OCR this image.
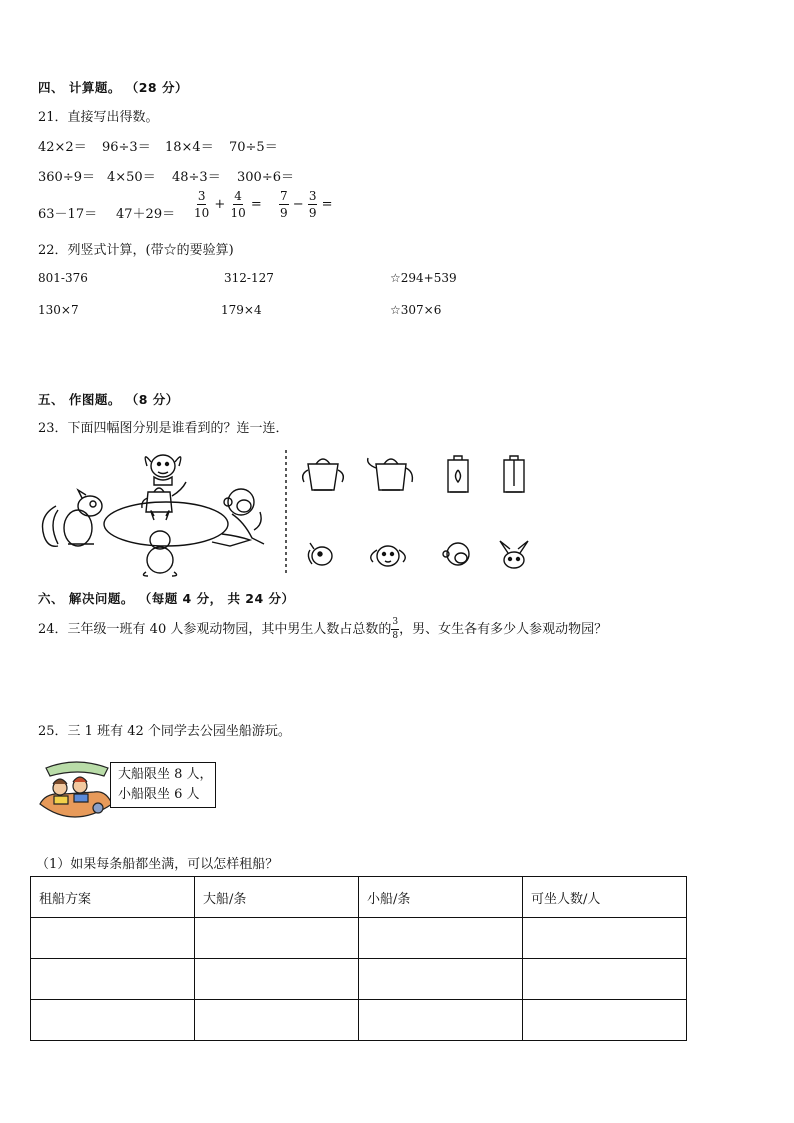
四、 计算题。 （28 分）
21．直接写出得数。
42×2＝ 96÷3＝ 18×4＝ 70÷5＝
360÷9＝ 4×50＝ 48÷3＝ 300÷6＝
$63-17= 47+29= \frac{3}{10} + \frac{4}{10} = \frac{7}{9} - \frac{3}{9}$ =
22．列竖式计算，(带☆的要验算)
801-376	312-127	☆294+539
130×7	179×4	☆307×6
五、 作图题。 （8 分）
23．下面四幅图分别是谁看到的？连一连．
六、 解决问题。 （每题 4 分， 共 24 分）
24．三年级一班有 40 人参观动物园，其中男生人数占总数的 $\frac{3}{8}$ ，男、女生各有多少人参观动物园？
25．三 1 班有 42 个同学去公园坐船游玩。
大船限坐 8 人，
小船限坐 6 人
（1）如果每条船都坐满，可以怎样租船？
租船方案	大船/条	小船/条	可坐人数/人
